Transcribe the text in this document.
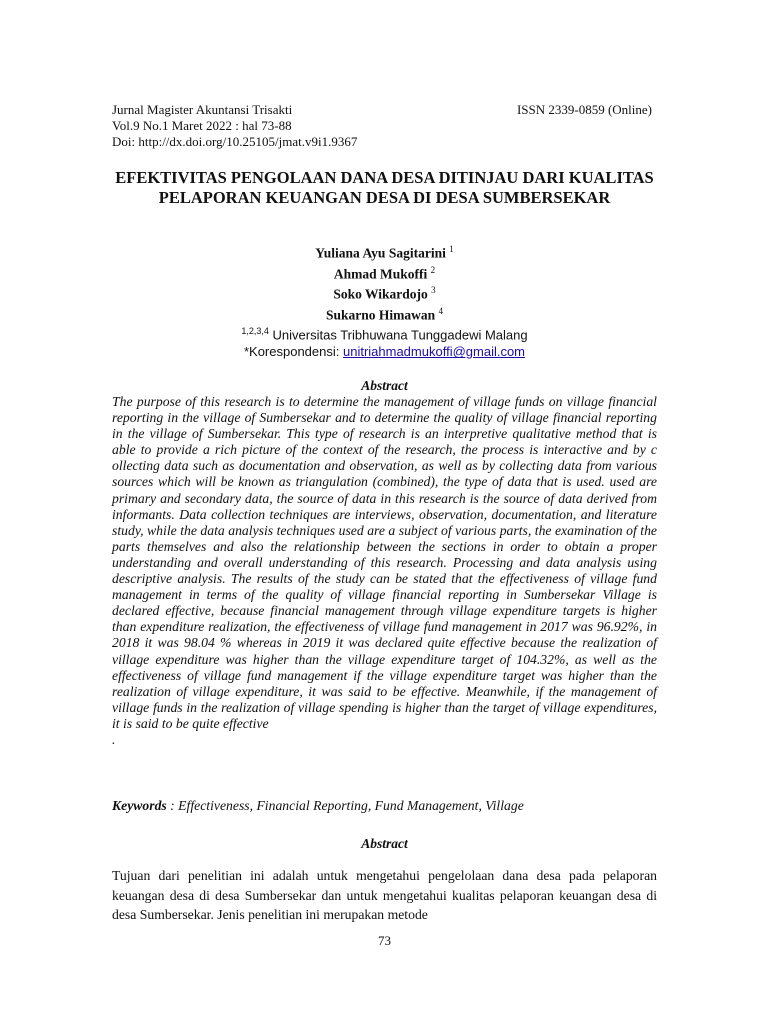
Jurnal Magister Akuntansi Trisakti	ISSN 2339-0859 (Online)
Vol.9 No.1 Maret 2022 : hal 73-88
Doi: http://dx.doi.org/10.25105/jmat.v9i1.9367
EFEKTIVITAS PENGOLAAN DANA DESA DITINJAU DARI KUALITAS PELAPORAN KEUANGAN DESA DI DESA SUMBERSEKAR
Yuliana Ayu Sagitarini $^1$
Ahmad Mukoffi $^2$
Soko Wikardojo $^3$
Sukarno Himawan $^4$
$^{1,2,3,4}$ Universitas Tribhuwana Tunggadewi Malang
*Korespondensi: unitriahmadmukoffi@gmail.com
Abstract
The purpose of this research is to determine the management of village funds on village financial reporting in the village of Sumbersekar and to determine the quality of village financial reporting in the village of Sumbersekar. This type of research is an interpretive qualitative method that is able to provide a rich picture of the context of the research, the process is interactive and by c ollecting data such as documentation and observation, as well as by collecting data from various sources which will be known as triangulation (combined), the type of data that is used. used are primary and secondary data, the source of data in this research is the source of data derived from informants. Data collection techniques are interviews, observation, documentation, and literature study, while the data analysis techniques used are a subject of various parts, the examination of the parts themselves and also the relationship between the sections in order to obtain a proper understanding and overall understanding of this research. Processing and data analysis using descriptive analysis. The results of the study can be stated that the effectiveness of village fund management in terms of the quality of village financial reporting in Sumbersekar Village is declared effective, because financial management through village expenditure targets is higher than expenditure realization, the effectiveness of village fund management in 2017 was 96.92%, in 2018 it was 98.04 % whereas in 2019 it was declared quite effective because the realization of village expenditure was higher than the village expenditure target of 104.32%, as well as the effectiveness of village fund management if the village expenditure target was higher than the realization of village expenditure, it was said to be effective. Meanwhile, if the management of village funds in the realization of village spending is higher than the target of village expenditures, it is said to be quite effective
.
Keywords : Effectiveness, Financial Reporting, Fund Management, Village
Abstract
Tujuan dari penelitian ini adalah untuk mengetahui pengelolaan dana desa pada pelaporan keuangan desa di desa Sumbersekar dan untuk mengetahui kualitas pelaporan keuangan desa di desa Sumbersekar. Jenis penelitian ini merupakan metode
73
